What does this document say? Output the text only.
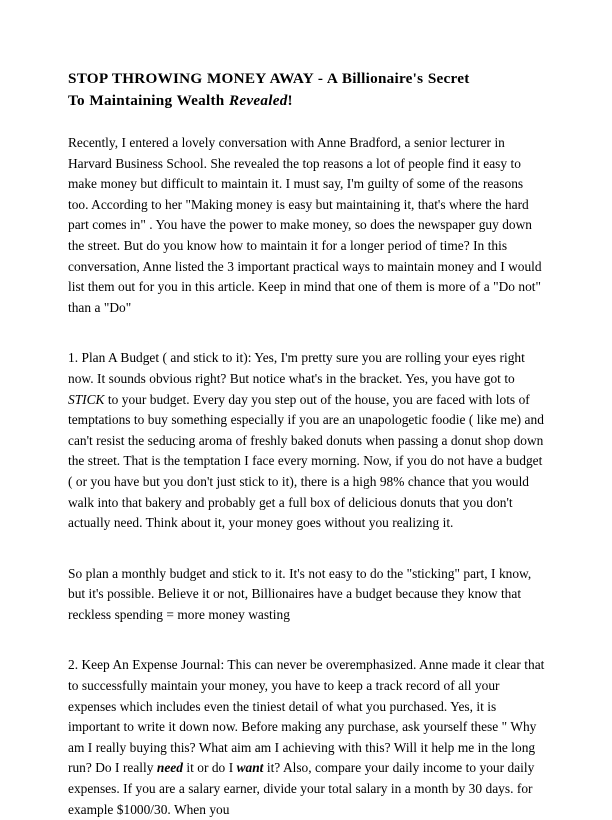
STOP THROWING MONEY AWAY - A Billionaire's Secret
To Maintaining Wealth Revealed!

Recently, I entered a lovely conversation with Anne Bradford, a senior lecturer in Harvard Business School. She revealed the top reasons a lot of people find it easy to make money but difficult to maintain it. I must say, I'm guilty of some of the reasons too. According to her "Making money is easy but maintaining it, that's where the hard part comes in" . You have the power to make money, so does the newspaper guy down the street. But do you know how to maintain it for a longer period of time? In this conversation, Anne listed the 3 important practical ways to maintain money and I would list them out for you in this article. Keep in mind that one of them is more of a "Do not" than a "Do"

1. Plan A Budget ( and stick to it): Yes, I'm pretty sure you are rolling your eyes right now. It sounds obvious right? But notice what's in the bracket. Yes, you have got to STICK to your budget. Every day you step out of the house, you are faced with lots of temptations to buy something especially if you are an unapologetic foodie ( like me) and can't resist the seducing aroma of freshly baked donuts when passing a donut shop down the street. That is the temptation I face every morning. Now, if you do not have a budget ( or you have but you don't just stick to it), there is a high 98% chance that you would walk into that bakery and probably get a full box of delicious donuts that you don't actually need. Think about it, your money goes without you realizing it.

So plan a monthly budget and stick to it. It's not easy to do the "sticking" part, I know, but it's possible. Believe it or not, Billionaires have a budget because they know that reckless spending = more money wasting

2. Keep An Expense Journal: This can never be overemphasized. Anne made it clear that to successfully maintain your money, you have to keep a track record of all your expenses which includes even the tiniest detail of what you purchased. Yes, it is important to write it down now. Before making any purchase, ask yourself these " Why am I really buying this? What aim am I achieving with this? Will it help me in the long run? Do I really need it or do I want it? Also, compare your daily income to your daily expenses. If you are a salary earner, divide your total salary in a month by 30 days. for example $1000/30. When you
